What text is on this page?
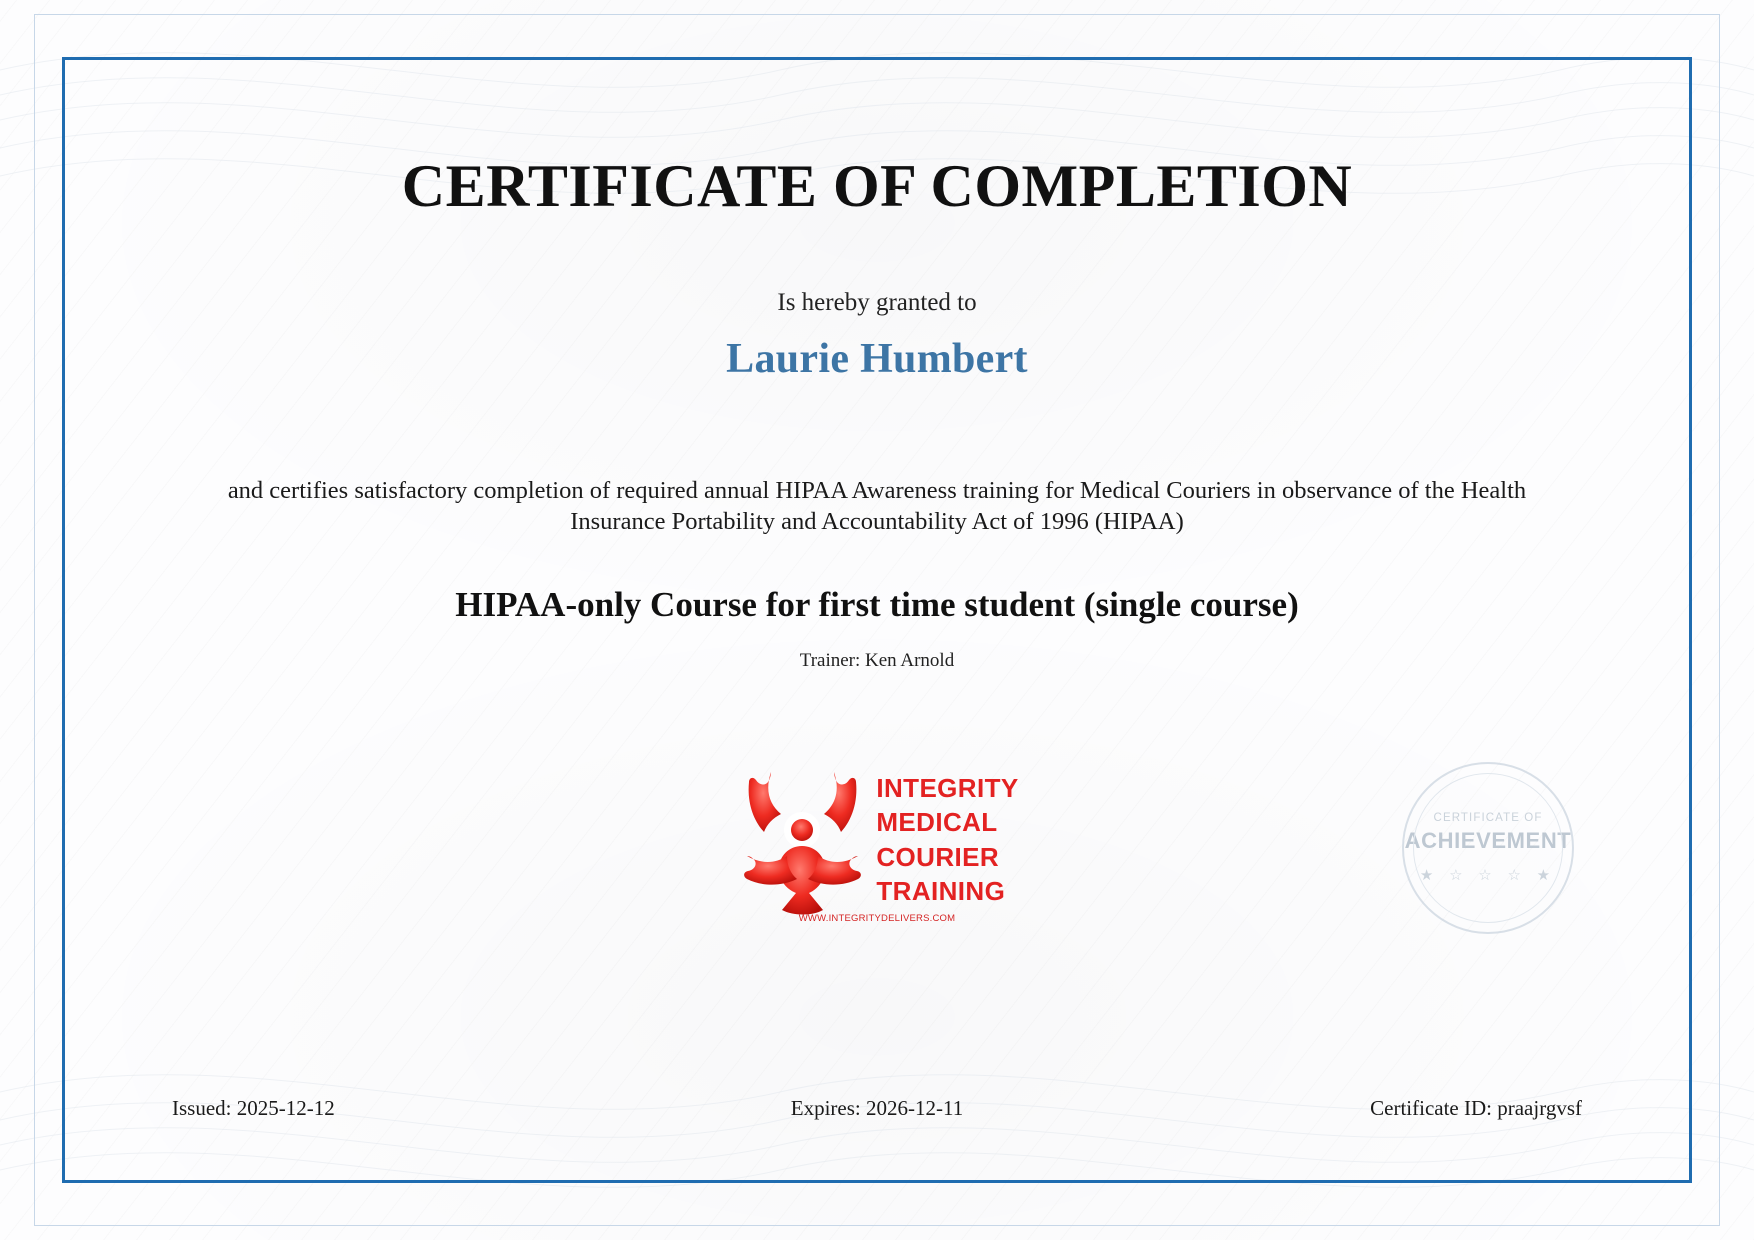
CERTIFICATE OF COMPLETION
Is hereby granted to
Laurie Humbert
and certifies satisfactory completion of required annual HIPAA Awareness training for Medical Couriers in observance of the Health Insurance Portability and Accountability Act of 1996 (HIPAA)
HIPAA-only Course for first time student (single course)
Trainer: Ken Arnold
INTEGRITY
MEDICAL
COURIER
TRAINING
WWW.INTEGRITYDELIVERS.COM
CERTIFICATE OF
ACHIEVEMENT
★ ☆ ☆ ☆ ★
Issued: 2025-12-12	Expires: 2026-12-11	Certificate ID: praajrgvsf
